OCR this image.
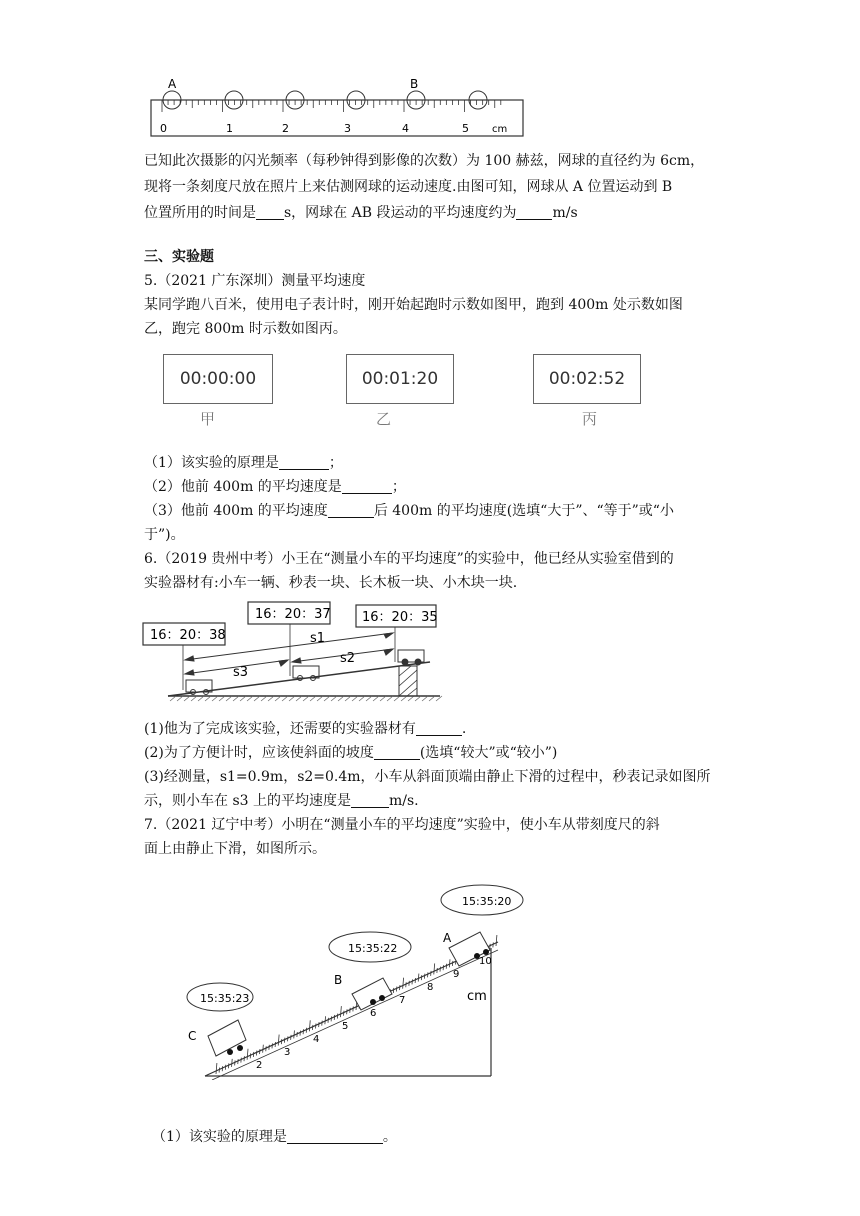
A	B
0	1	2	3	4	5 cm
已知此次摄影的闪光频率（每秒钟得到影像的次数）为 100 赫兹，网球的直径约为 6cm，
现将一条刻度尺放在照片上来估测网球的运动速度.由图可知，网球从 A 位置运动到 B
位置所用的时间是 s，网球在 AB 段运动的平均速度约为	m/s
三、实验题
5.（2021 广东深圳）测量平均速度
某同学跑八百米，使用电子表计时，刚开始起跑时示数如图甲，跑到 400m 处示数如图
乙，跑完 800m 时示数如图丙。
00:00:00	00:01:20	00:02:52
甲	乙	丙
（1）该实验的原理是	；
（2）他前 400m 的平均速度是	；
（3）他前 400m 的平均速度	后 400m 的平均速度(选填“大于”、“等于”或“小
于”)。
6.（2019 贵州中考）小王在“测量小车的平均速度”的实验中，他已经从实验室借到的
实验器材有:小车一辆、秒表一块、长木板一块、小木块一块.
16：20：38
16：20：37 16：20：35
s1
s2
s3
(1)他为了完成该实验，还需要的实验器材有	.
(2)为了方便计时，应该使斜面的坡度	(选填“较大”或“较小”)
(3)经测量，s1=0.9m，s2=0.4m，小车从斜面顶端由静止下滑的过程中，秒表记录如图所
示，则小车在 s3 上的平均速度是	m/s.
7.（2021 辽宁中考）小明在“测量小车的平均速度”实验中，使小车从带刻度尺的斜
面上由静止下滑，如图所示。
15:35:20
15:35:22
15:35:23
A
B
C
2
3
4
5
6
7
8
9
10
cm
（1）该实验的原理是	。
